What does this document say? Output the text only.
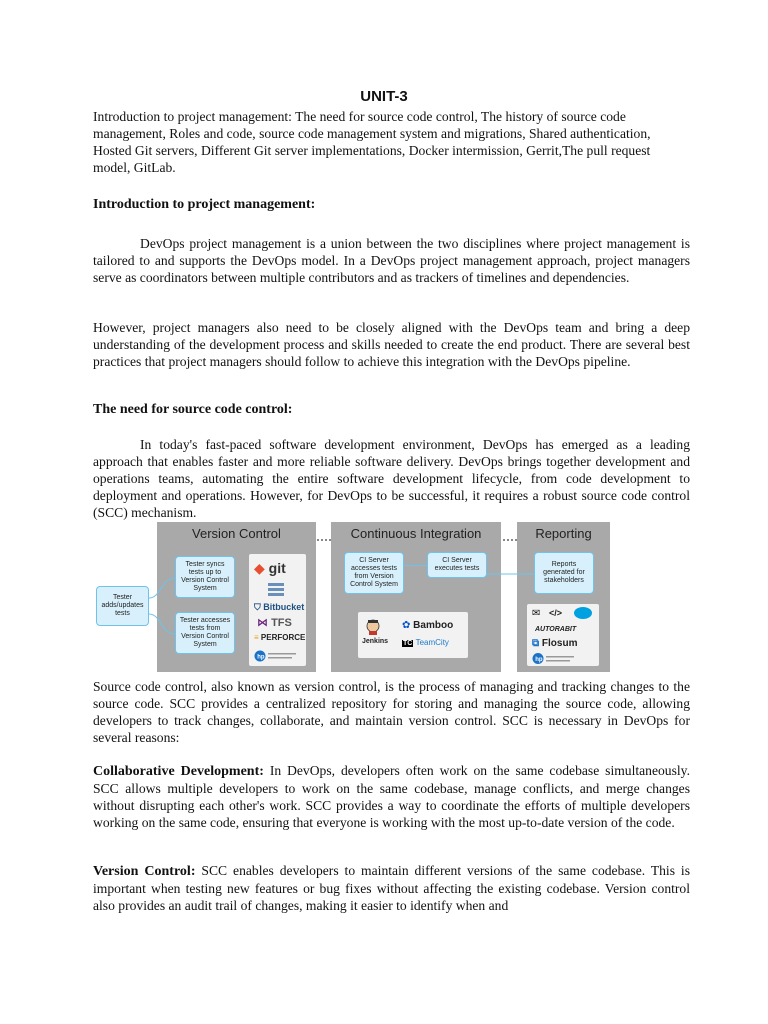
UNIT-3

Introduction to project management: The need for source code control, The history of source code management, Roles and code, source code management system and migrations, Shared authentication, Hosted Git servers, Different Git server implementations, Docker intermission, Gerrit,The pull request model, GitLab.

Introduction to project management:

DevOps project management is a union between the two disciplines where project management is tailored to and supports the DevOps model. In a DevOps project management approach, project managers serve as coordinators between multiple contributors and as trackers of timelines and dependencies.

However, project managers also need to be closely aligned with the DevOps team and bring a deep understanding of the development process and skills needed to create the end product. There are several best practices that project managers should follow to achieve this integration with the DevOps pipeline.

The need for source code control:

In today's fast-paced software development environment, DevOps has emerged as a leading approach that enables faster and more reliable software delivery. DevOps brings together development and operations teams, automating the entire software development lifecycle, from code development to deployment and operations. However, for DevOps to be successful, it requires a robust source code control (SCC) mechanism.

Tester adds/updates tests
Version Control
Tester syncs tests up to Version Control System
Tester accesses tests from Version Control System
◆ git
⛉ Bitbucket
⋈ TFS
≡ PERFORCE
hp
Continuous Integration
CI Server accesses tests from Version Control System
CI Server executes tests
Jenkins
✿ Bamboo
TC TeamCity
Reporting
Reports generated for stakeholders
✉ </>
AUTORABIT
⧉ Flosum
hp

Source code control, also known as version control, is the process of managing and tracking changes to the source code. SCC provides a centralized repository for storing and managing the source code, allowing developers to track changes, collaborate, and maintain version control. SCC is necessary in DevOps for several reasons:

Collaborative Development: In DevOps, developers often work on the same codebase simultaneously. SCC allows multiple developers to work on the same codebase, manage conflicts, and merge changes without disrupting each other's work. SCC provides a way to coordinate the efforts of multiple developers working on the same code, ensuring that everyone is working with the most up-to-date version of the code.

Version Control: SCC enables developers to maintain different versions of the same codebase. This is important when testing new features or bug fixes without affecting the existing codebase. Version control also provides an audit trail of changes, making it easier to identify when and
